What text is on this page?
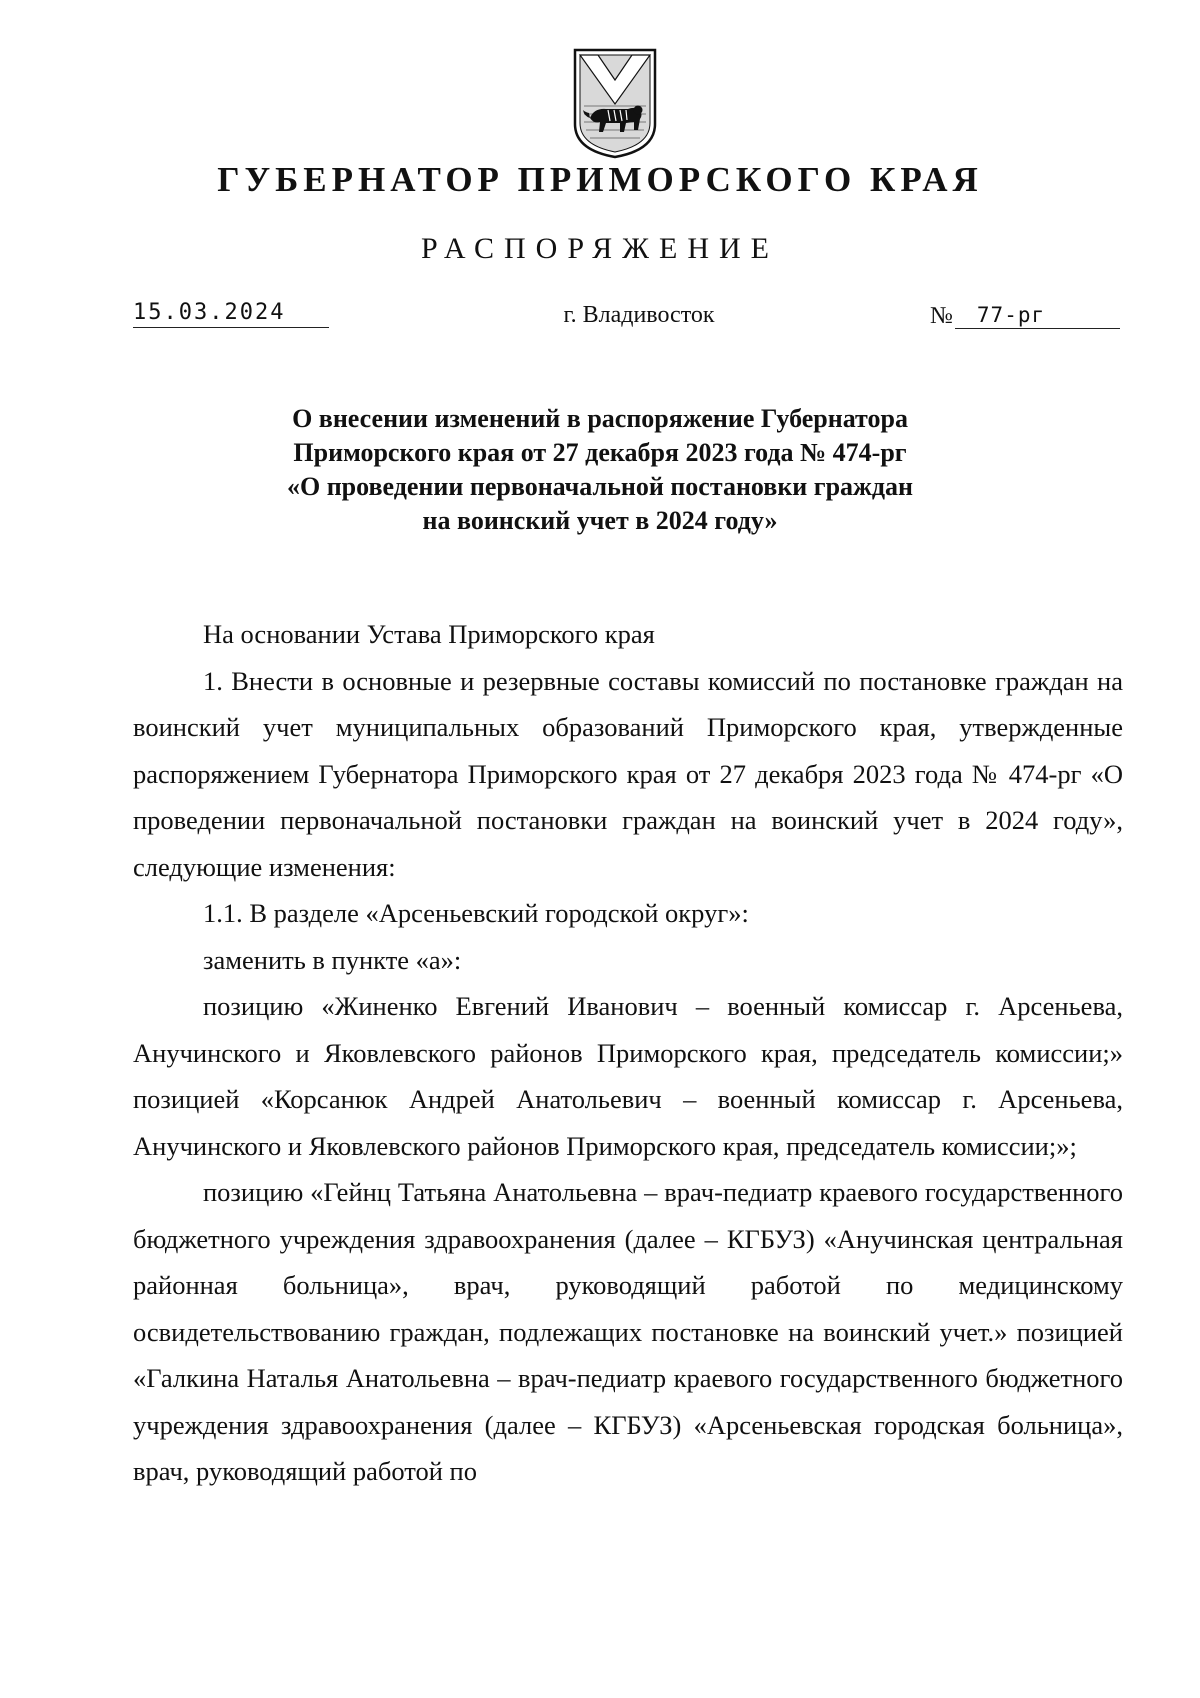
ГУБЕРНАТОР ПРИМОРСКОГО КРАЯ
РАСПОРЯЖЕНИЕ
15.03.2024	г. Владивосток	№	77-рг
О внесении изменений в распоряжение Губернатора
Приморского края от 27 декабря 2023 года № 474-рг
«О проведении первоначальной постановки граждан
на воинский учет в 2024 году»

На основании Устава Приморского края

1. Внести в основные и резервные составы комиссий по постановке граждан на воинский учет муниципальных образований Приморского края, утвержденные распоряжением Губернатора Приморского края от 27 декабря 2023 года № 474-рг «О проведении первоначальной постановки граждан на воинский учет в 2024 году», следующие изменения:

1.1. В разделе «Арсеньевский городской округ»:

заменить в пункте «а»:

позицию «Жиненко Евгений Иванович – военный комиссар г. Арсеньева, Анучинского и Яковлевского районов Приморского края, председатель комиссии;» позицией «Корсанюк Андрей Анатольевич – военный комиссар г. Арсеньева, Анучинского и Яковлевского районов Приморского края, председатель комиссии;»;

позицию «Гейнц Татьяна Анатольевна – врач-педиатр краевого государственного бюджетного учреждения здравоохранения (далее – КГБУЗ) «Анучинская центральная районная больница», врач, руководящий работой по медицинскому освидетельствованию граждан, подлежащих постановке на воинский учет.» позицией «Галкина Наталья Анатольевна – врач-педиатр краевого государственного бюджетного учреждения здравоохранения (далее – КГБУЗ) «Арсеньевская городская больница», врач, руководящий работой по
